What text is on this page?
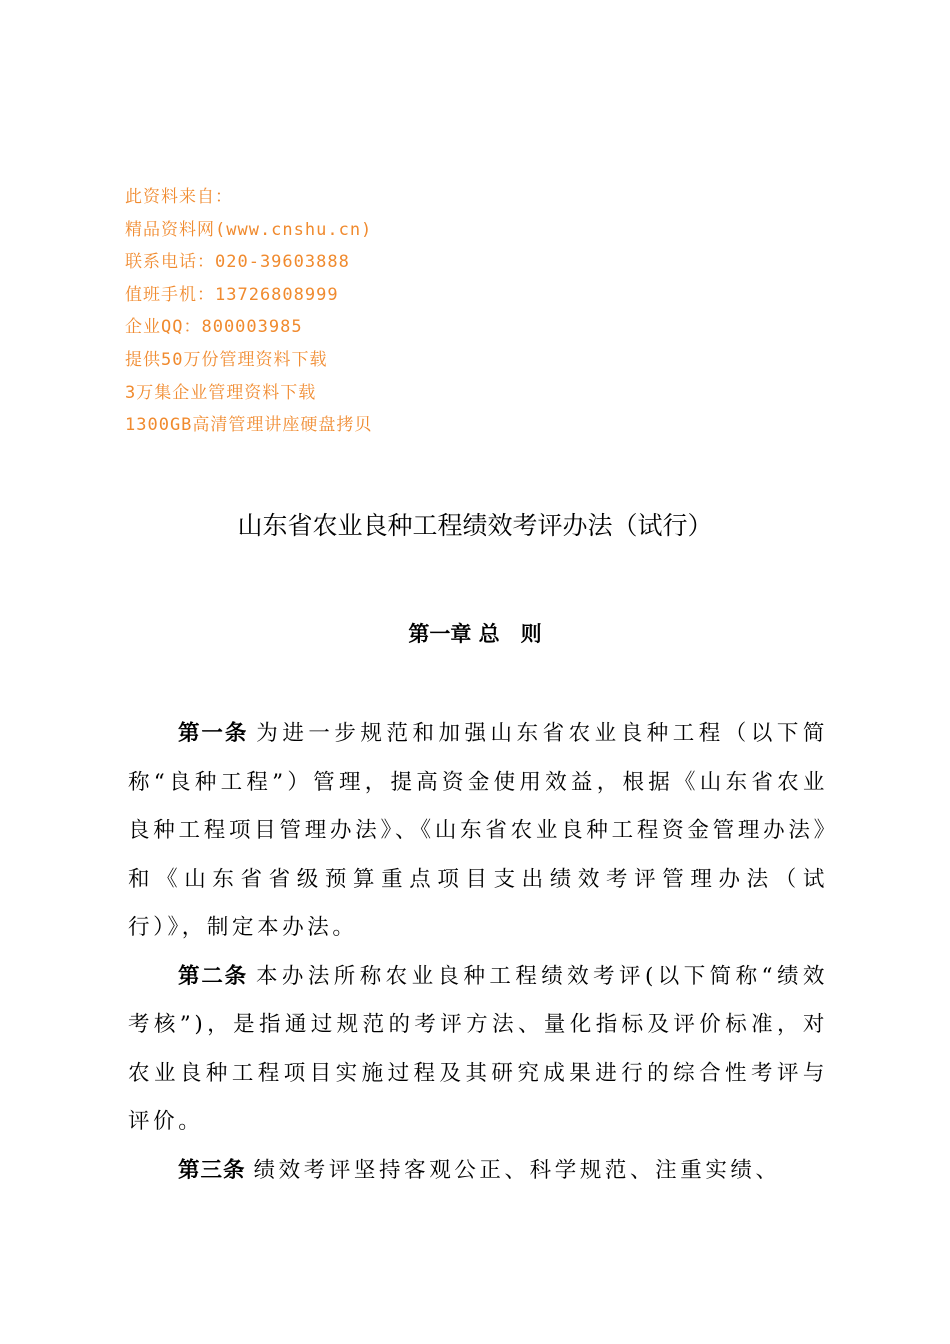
此资料来自：
精品资料网(www.cnshu.cn)
联系电话：020-39603888
值班手机：13726808999
企业QQ：800003985
提供50万份管理资料下载
3万集企业管理资料下载
1300GB高清管理讲座硬盘拷贝
山东省农业良种工程绩效考评办法（试行）
第一章 总　则

第一条 为进一步规范和加强山东省农业良种工程（以下简称“良种工程”）管理，提高资金使用效益，根据《山东省农业良种工程项目管理办法》、《山东省农业良种工程资金管理办法》和《山东省省级预算重点项目支出绩效考评管理办法（试行）》，制定本办法。

第二条 本办法所称农业良种工程绩效考评(以下简称“绩效考核”)，是指通过规范的考评方法、量化指标及评价标准，对农业良种工程项目实施过程及其研究成果进行的综合性考评与评价。

第三条 绩效考评坚持客观公正、科学规范、注重实绩、
